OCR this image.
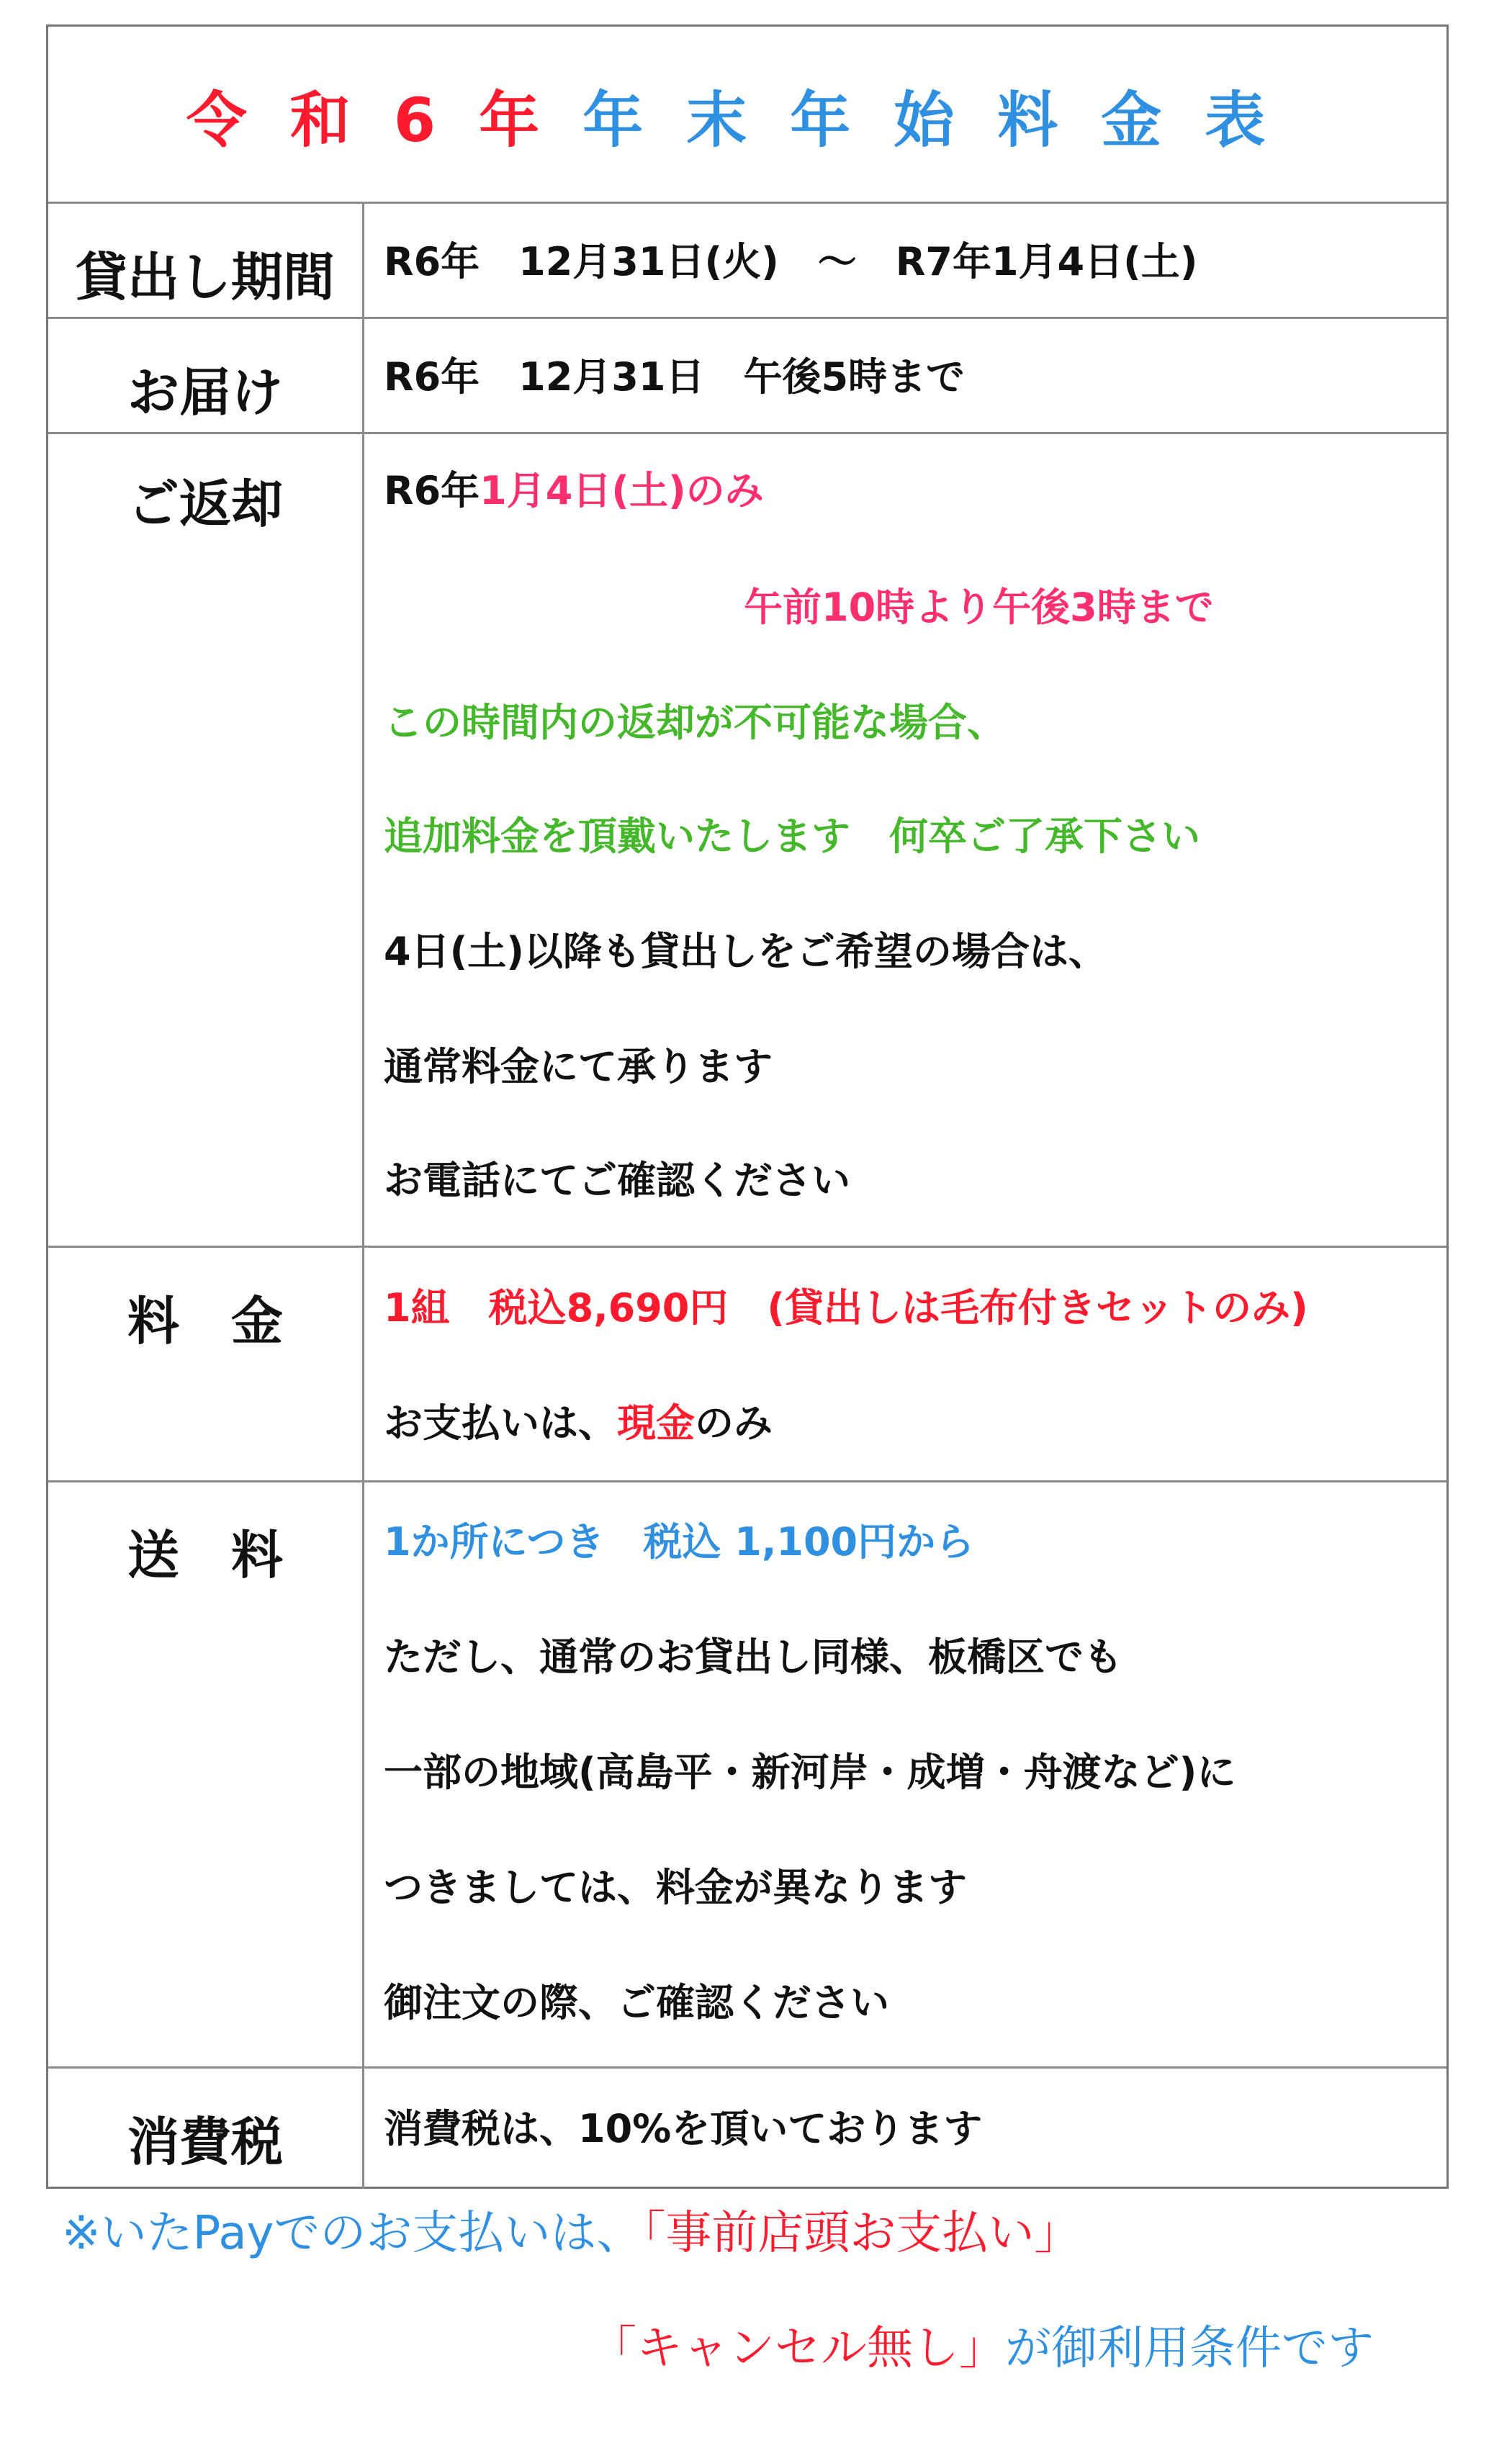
令和6年 年末年始料金表
貸出し期間	R6年　12月31日(火)　～　R7年1月4日(土)
お届け	R6年　12月31日　午後5時まで
ご返却	R6年1月4日(土)のみ
午前10時より午後3時まで
この時間内の返却が不可能な場合、
追加料金を頂戴いたします　何卒ご了承下さい
4日(土)以降も貸出しをご希望の場合は、
通常料金にて承ります
お電話にてご確認ください
料　金	1組　税込8,690円　(貸出しは毛布付きセットのみ)
お支払いは、現金のみ
送　料	1か所につき　税込 1,100円から
ただし、通常のお貸出し同様、板橋区でも
一部の地域(高島平・新河岸・成増・舟渡など)に
つきましては、料金が異なります
御注文の際、ご確認ください
消費税	消費税は、10%を頂いております
※いたPayでのお支払いは、「事前店頭お支払い」
「キャンセル無し」が御利用条件です
